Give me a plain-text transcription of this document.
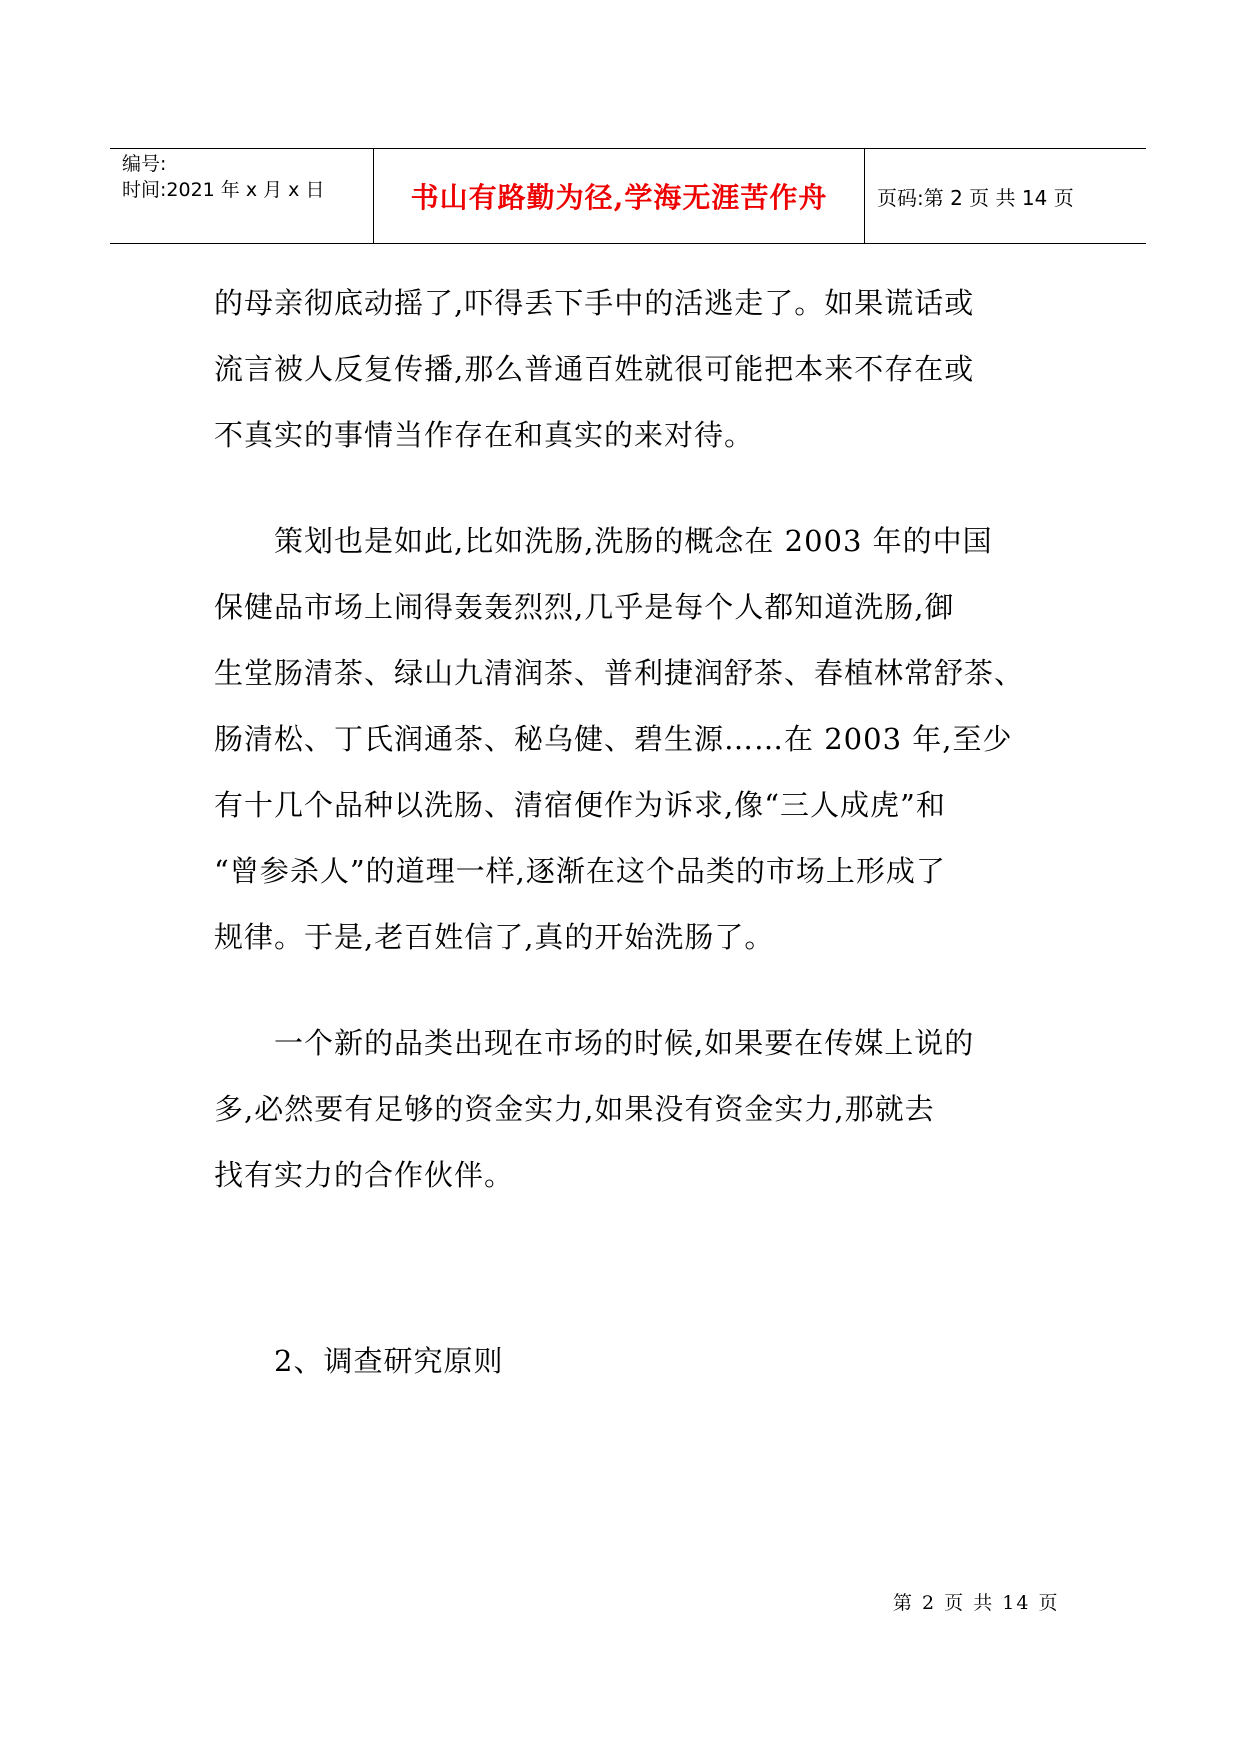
编号:
时间:2021 年 x 月 x 日	书山有路勤为径,学海无涯苦作舟	页码:第 2 页 共 14 页
的母亲彻底动摇了,吓得丢下手中的活逃走了。如果谎话或
流言被人反复传播,那么普通百姓就很可能把本来不存在或
不真实的事情当作存在和真实的来对待。
　　策划也是如此,比如洗肠,洗肠的概念在 2003 年的中国
保健品市场上闹得轰轰烈烈,几乎是每个人都知道洗肠,御
生堂肠清茶、绿山九清润茶、普利捷润舒茶、春植林常舒茶、
肠清松、丁氏润通茶、秘乌健、碧生源……在 2003 年,至少
有十几个品种以洗肠、清宿便作为诉求,像“三人成虎”和
“曾参杀人”的道理一样,逐渐在这个品类的市场上形成了
规律。于是,老百姓信了,真的开始洗肠了。
　　一个新的品类出现在市场的时候,如果要在传媒上说的
多,必然要有足够的资金实力,如果没有资金实力,那就去
找有实力的合作伙伴。
　　2、调查研究原则
第 2 页 共 14 页
